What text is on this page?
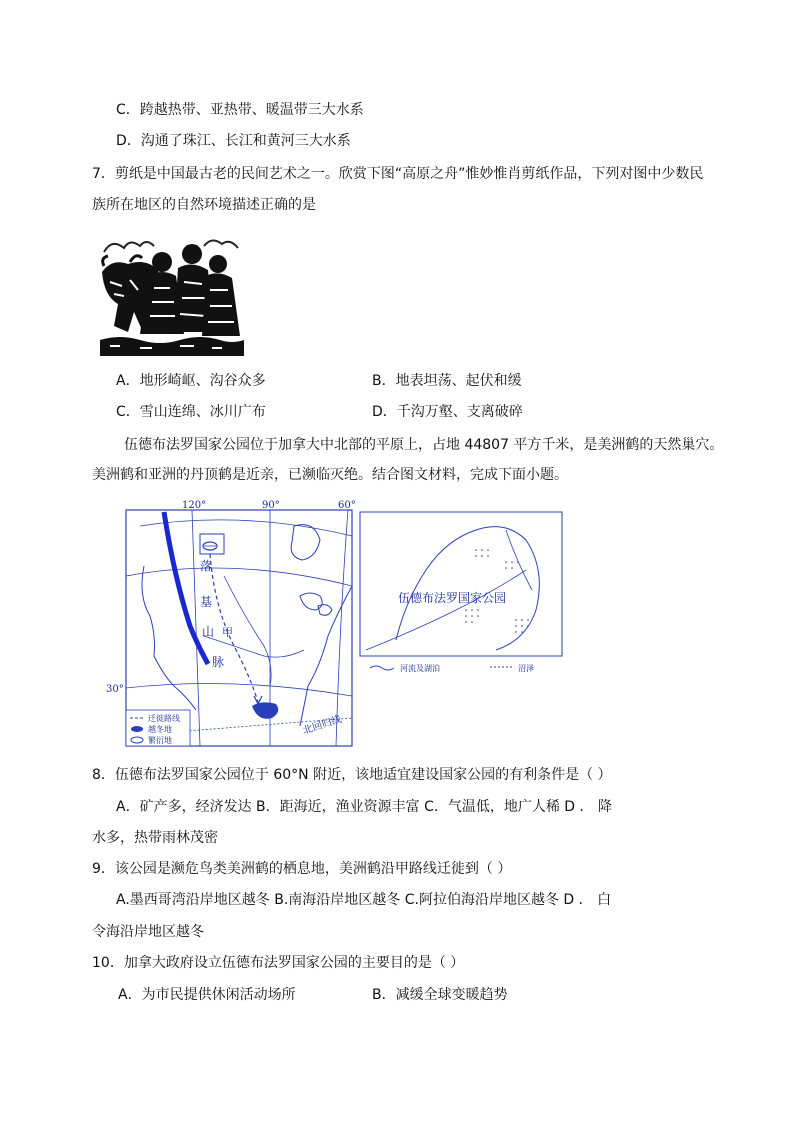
C．跨越热带、亚热带、暖温带三大水系
D．沟通了珠江、长江和黄河三大水系
7．剪纸是中国最古老的民间艺术之一。欣赏下图“高原之舟”惟妙惟肖剪纸作品，下列对图中少数民
族所在地区的自然环境描述正确的是
A．地形崎岖、沟谷众多	B．地表坦荡、起伏和缓
C．雪山连绵、冰川广布	D．千沟万壑、支离破碎
伍德布法罗国家公园位于加拿大中北部的平原上，占地 44807 平方千米，是美洲鹤的天然巢穴。
美洲鹤和亚洲的丹顶鹤是近亲，已濒临灭绝。结合图文材料，完成下面小题。
120°	90°	60°
30°
落
基
山
脉
甲
北回归线
迁徙路线
越冬地
繁衍地
伍德布法罗国家公园
河流及湖泊	沼泽
8．伍德布法罗国家公园位于 60°N 附近，该地适宜建设国家公园的有利条件是（ ）
A．矿产多，经济发达 B．距海近，渔业资源丰富 C．气温低，地广人稀 D ． 降
水多，热带雨林茂密
9．该公园是濒危鸟类美洲鹤的栖息地，美洲鹤沿甲路线迁徙到（ ）
A.墨西哥湾沿岸地区越冬 B.南海沿岸地区越冬 C.阿拉伯海沿岸地区越冬 D ． 白
令海沿岸地区越冬
10．加拿大政府设立伍德布法罗国家公园的主要目的是（ ）
A．为市民提供休闲活动场所	B．减缓全球变暖趋势
